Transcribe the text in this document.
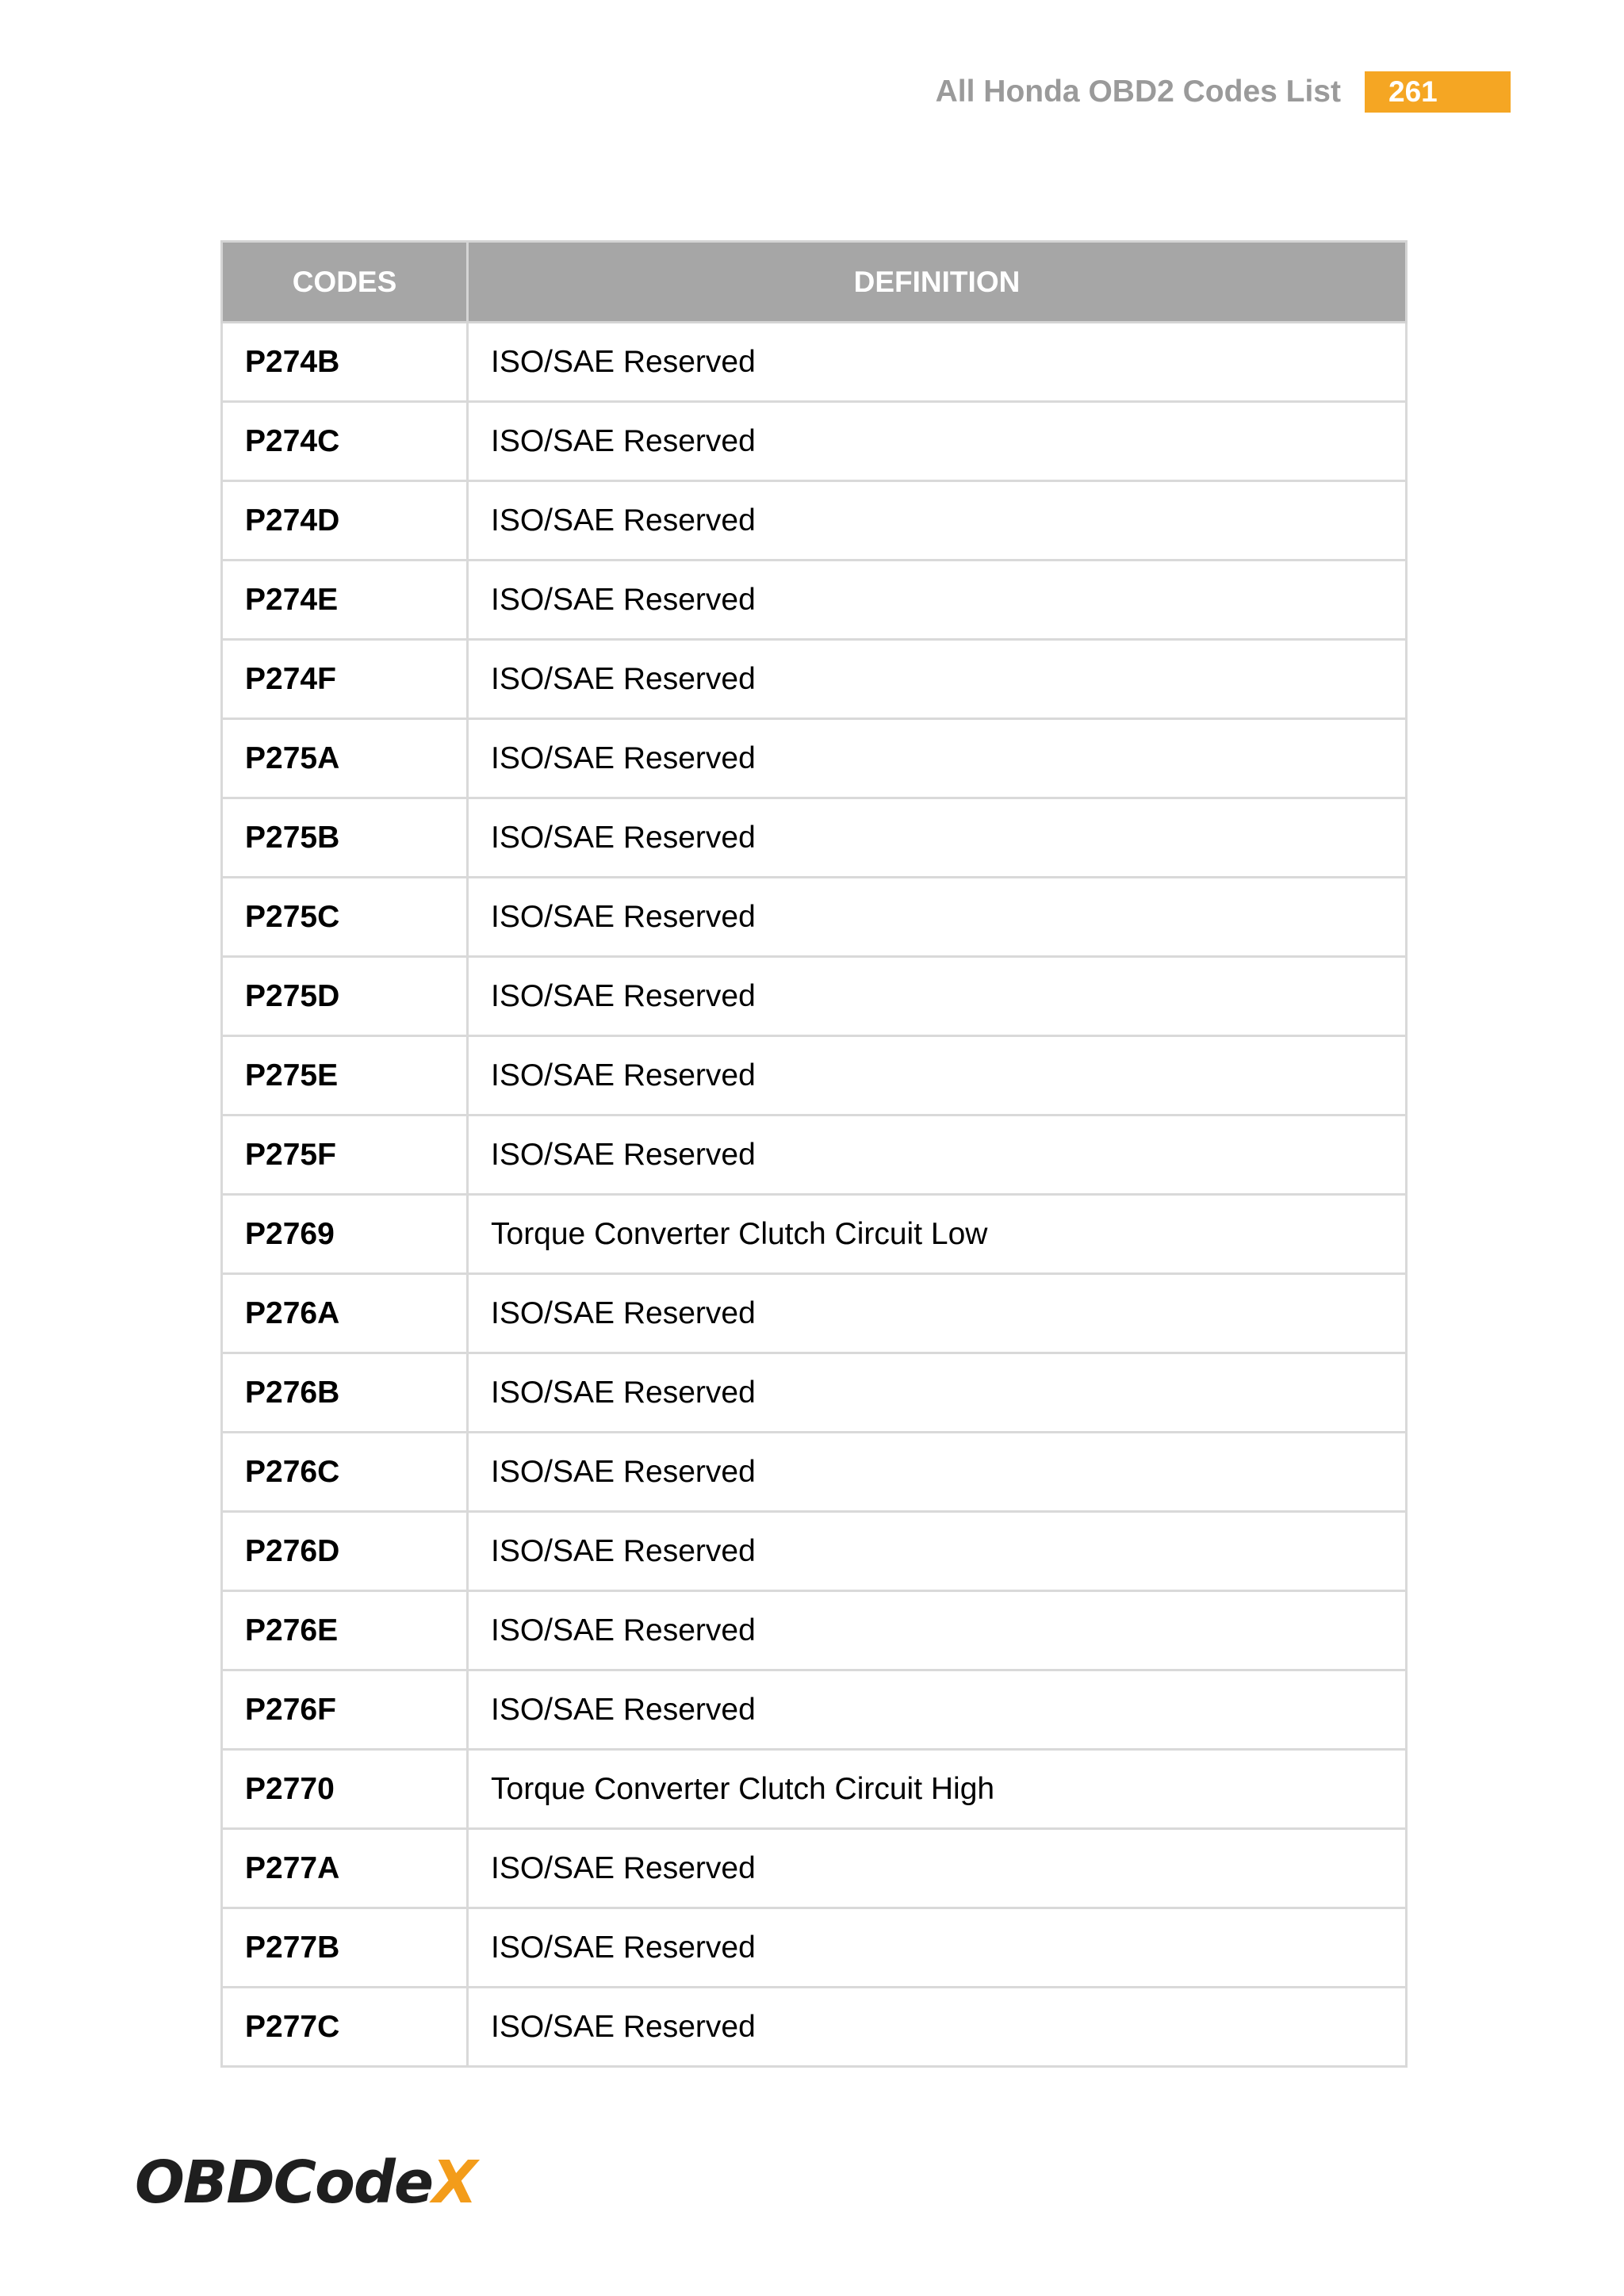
All Honda OBD2 Codes List	261
CODES	DEFINITION
P274B	ISO/SAE Reserved
P274C	ISO/SAE Reserved
P274D	ISO/SAE Reserved
P274E	ISO/SAE Reserved
P274F	ISO/SAE Reserved
P275A	ISO/SAE Reserved
P275B	ISO/SAE Reserved
P275C	ISO/SAE Reserved
P275D	ISO/SAE Reserved
P275E	ISO/SAE Reserved
P275F	ISO/SAE Reserved
P2769	Torque Converter Clutch Circuit Low
P276A	ISO/SAE Reserved
P276B	ISO/SAE Reserved
P276C	ISO/SAE Reserved
P276D	ISO/SAE Reserved
P276E	ISO/SAE Reserved
P276F	ISO/SAE Reserved
P2770	Torque Converter Clutch Circuit High
P277A	ISO/SAE Reserved
P277B	ISO/SAE Reserved
P277C	ISO/SAE Reserved
OBDCode X
